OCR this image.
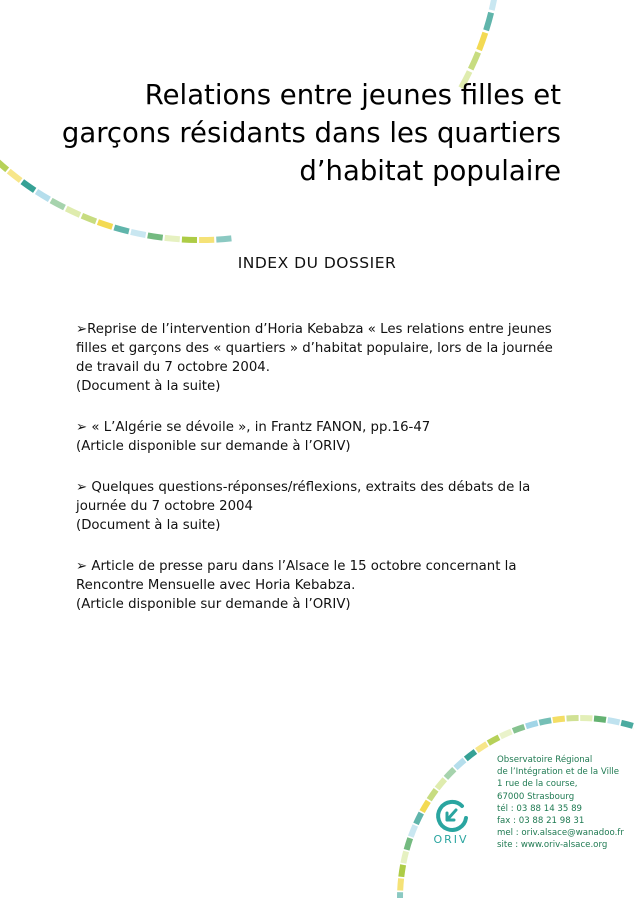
Relations entre jeunes filles et
garçons résidants dans les quartiers
d’habitat populaire
INDEX DU DOSSIER
➢Reprise de l’intervention d’Horia Kebabza « Les relations entre jeunes
filles et garçons des « quartiers » d’habitat populaire, lors de la journée
de travail du 7 octobre 2004.
(Document à la suite)
➢ « L’Algérie se dévoile », in Frantz FANON, pp.16-47
(Article disponible sur demande à l’ORIV)
➢ Quelques questions-réponses/réflexions, extraits des débats de la
journée du 7 octobre 2004
(Document à la suite)
➢ Article de presse paru dans l’Alsace le 15 octobre concernant la
Rencontre Mensuelle avec Horia Kebabza.
(Article disponible sur demande à l’ORIV)
ORIV
Observatoire Régional
de l’Intégration et de la Ville
1 rue de la course,
67000 Strasbourg
tél : 03 88 14 35 89
fax : 03 88 21 98 31
mel : oriv.alsace@wanadoo.fr
site : www.oriv-alsace.org
